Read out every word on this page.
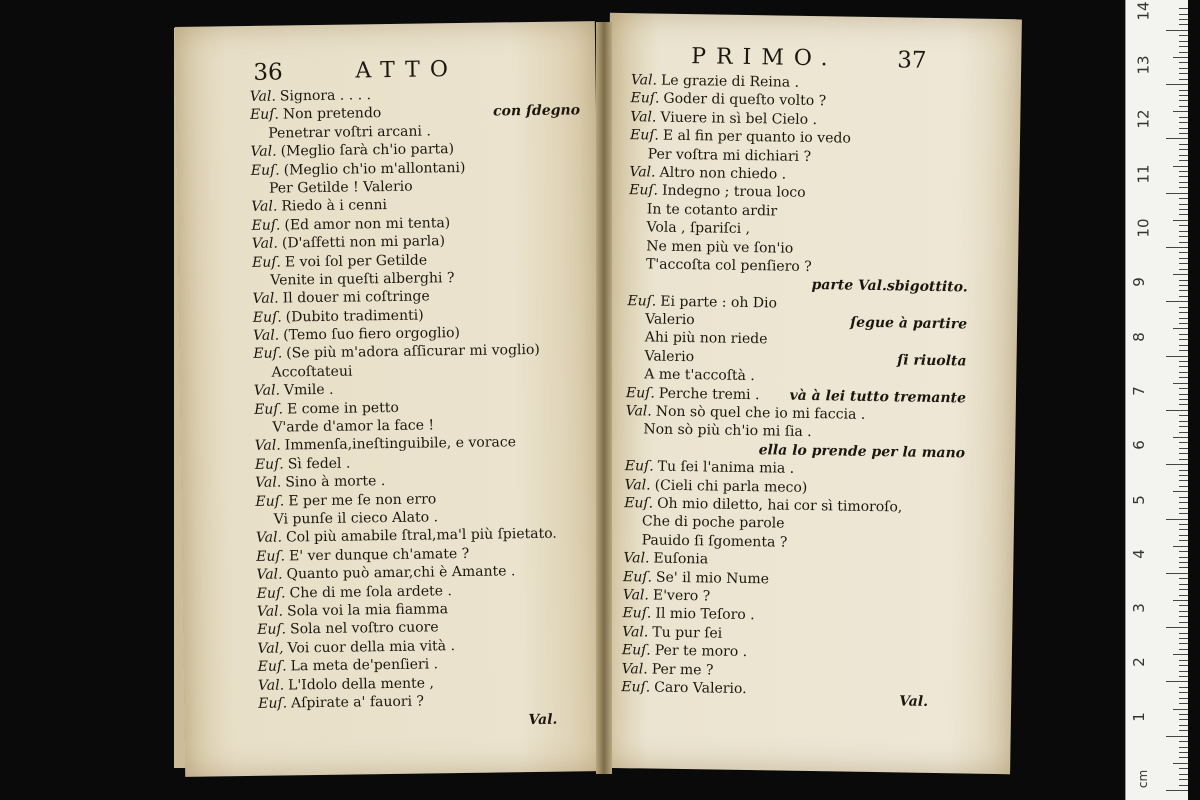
36	ATTO
Val. Signora . . . .
Euſ. Non pretendo	con ſdegno
Penetrar voſtri arcani .
Val. (Meglio ſarà ch'io parta)
Euſ. (Meglio ch'io m'allontani)
Per Getilde ! Valerio
Val. Riedo à i cenni
Euſ. (Ed amor non mi tenta)
Val. (D'aſfetti non mi parla)
Euſ. E voi ſol per Getilde
Venite in queſti alberghi ?
Val. Il douer mi coſtringe
Euſ. (Dubito tradimenti)
Val. (Temo ſuo fiero orgoglio)
Euſ. (Se più m'adora aſſicurar mi voglio)
Accoſtateui
Val. Vmile .
Euſ. E come in petto
V'arde d'amor la face !
Val. Immenſa,ineſtinguibile, e vorace
Euſ. Sì fedel .
Val. Sino à morte .
Euſ. E per me ſe non erro
Vi punſe il cieco Alato .
Val. Col più amabile ſtral,ma'l più ſpietato.
Euſ. E' ver dunque ch'amate ?
Val. Quanto può amar,chi è Amante .
Euſ. Che di me ſola ardete .
Val. Sola voi la mia fiamma
Euſ. Sola nel voſtro cuore
Val, Voi cuor della mia vità .
Euſ. La meta de'penſieri .
Val. L'Idolo della mente ,
Euſ. Aſpirate a' fauori ?
Val.
PRIMO.	37
Val. Le grazie di Reina .
Euſ. Goder di queſto volto ?
Val. Viuere in sì bel Cielo .
Euſ. E al fin per quanto io vedo
Per voſtra mi dichiari ?
Val. Altro non chiedo .
Euſ. Indegno ; troua loco
In te cotanto ardir
Vola , ſpariſci ,
Ne men più ve ſon'io
T'accoſta col penſiero ?
parte Val.sbigottito.
Euſ. Ei parte : oh Dio
Valerio	ſegue à partire
Ahi più non riede
Valerio	ſi riuolta
A me t'accoſtà .
Euſ. Perche tremi . và à lei tutto tremante
Val. Non sò quel che io mi faccia .
Non sò più ch'io mi ſia .
ella lo prende per la mano
Euſ. Tu ſei l'anima mia .
Val. (Cieli chi parla meco)
Euſ. Oh mio diletto, hai cor sì timoroſo,
Che di poche parole
Pauido ſi ſgomenta ?
Val. Euſonia
Euſ. Se' il mio Nume
Val. E'vero ?
Euſ. Il mio Teſoro .
Val. Tu pur ſei
Euſ. Per te moro .
Val. Per me ?
Euſ. Caro Valerio.
Val.
1
2
3
4
5
6
7
8
9
10
11
12
13
14
cm
